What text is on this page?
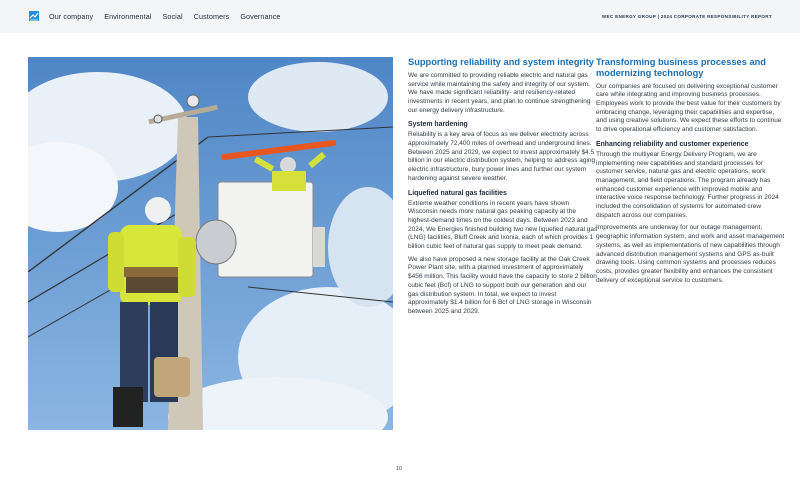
Our company Environmental Social Customers Governance	WEC ENERGY GROUP | 2024 CORPORATE RESPONSIBILITY REPORT
Supporting reliability and system integrity

We are committed to providing reliable electric and natural gas service while maintaining the safety and integrity of our system. We have made significant reliability- and resiliency-related investments in recent years, and plan to continue strengthening our energy delivery infrastructure.

System hardening

Reliability is a key area of focus as we deliver electricity across approximately 72,400 miles of overhead and underground lines. Between 2025 and 2029, we expect to invest approximately $4.5 billion in our electric distribution system, helping to address aging electric infrastructure, bury power lines and further our system hardening against severe weather.

Liquefied natural gas facilities

Extreme weather conditions in recent years have shown Wisconsin needs more natural gas peaking capacity at the highest-demand times on the coldest days. Between 2023 and 2024, We Energies finished building two new liquefied natural gas (LNG) facilities, Bluff Creek and Ixonia, each of which provides 1 billion cubic feet of natural gas supply to meet peak demand.

We also have proposed a new storage facility at the Oak Creek Power Plant site, with a planned investment of approximately $456 million. This facility would have the capacity to store 2 billion cubic feet (Bcf) of LNG to support both our generation and our gas distribution system. In total, we expect to invest approximately $1.4 billion for 6 Bcf of LNG storage in Wisconsin between 2025 and 2029.

Transforming business processes and modernizing technology

Our companies are focused on delivering exceptional customer care while integrating and improving business processes. Employees work to provide the best value for their customers by embracing change, leveraging their capabilities and expertise, and using creative solutions. We expect these efforts to continue to drive operational efficiency and customer satisfaction.

Enhancing reliability and customer experience

Through the multiyear Energy Delivery Program, we are implementing new capabilities and standard processes for customer service, natural gas and electric operations, work management, and field operations. The program already has enhanced customer experience with improved mobile and interactive voice response technology. Further progress in 2024 included the consolidation of systems for automated crew dispatch across our companies.

Improvements are underway for our outage management, geographic information system, and work and asset management systems, as well as implementations of new capabilities through advanced distribution management systems and GPS as-built drawing tools. Using common systems and processes reduces costs, provides greater flexibility and enhances the consistent delivery of exceptional service to customers.

10
